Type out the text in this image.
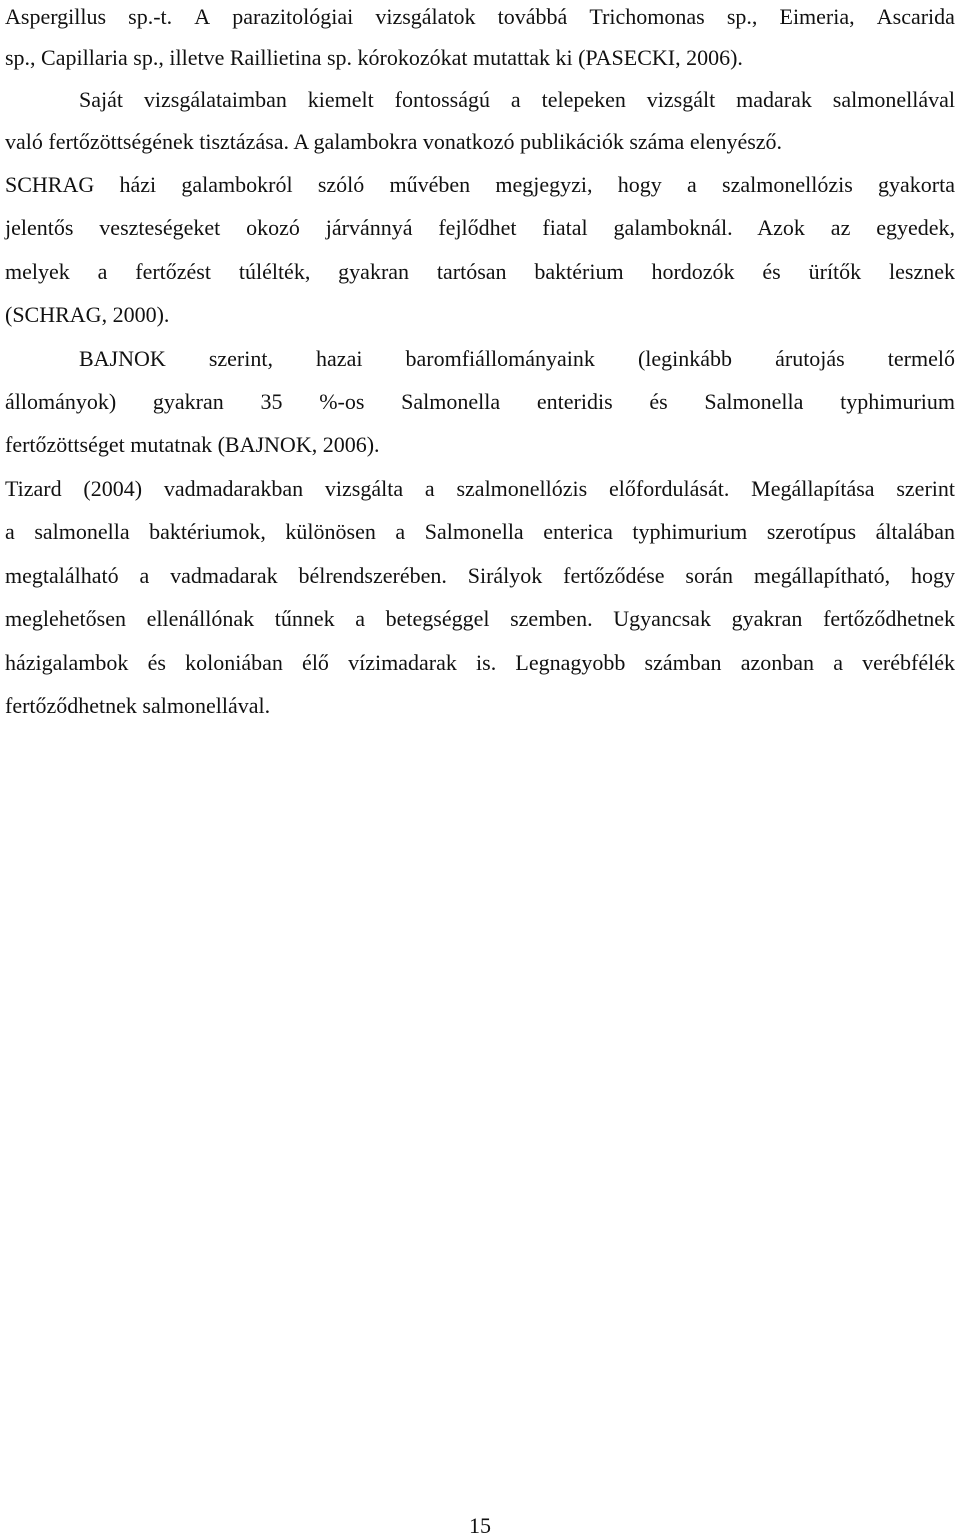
Aspergillus sp.-t. A parazitológiai vizsgálatok továbbá Trichomonas sp., Eimeria, Ascarida
sp., Capillaria sp., illetve Raillietina sp. kórokozókat mutattak ki (PASECKI, 2006).
Saját vizsgálataimban kiemelt fontosságú a telepeken vizsgált madarak salmonellával
való fertőzöttségének tisztázása. A galambokra vonatkozó publikációk száma elenyésző.
SCHRAG házi galambokról szóló művében megjegyzi, hogy a szalmonellózis gyakorta
jelentős veszteségeket okozó járvánnyá fejlődhet fiatal galamboknál. Azok az egyedek,
melyek a fertőzést túlélték, gyakran tartósan baktérium hordozók és ürítők lesznek
(SCHRAG, 2000).
BAJNOK szerint, hazai baromfiállományaink (leginkább árutojás termelő
állományok) gyakran 35 %-os Salmonella enteridis és Salmonella typhimurium
fertőzöttséget mutatnak (BAJNOK, 2006).
Tizard (2004) vadmadarakban vizsgálta a szalmonellózis előfordulását. Megállapítása szerint
a salmonella baktériumok, különösen a Salmonella enterica typhimurium szerotípus általában
megtalálható a vadmadarak bélrendszerében. Sirályok fertőződése során megállapítható, hogy
meglehetősen ellenállónak tűnnek a betegséggel szemben. Ugyancsak gyakran fertőződhetnek
házigalambok és koloniában élő vízimadarak is. Legnagyobb számban azonban a verébfélék
fertőződhetnek salmonellával.
15
